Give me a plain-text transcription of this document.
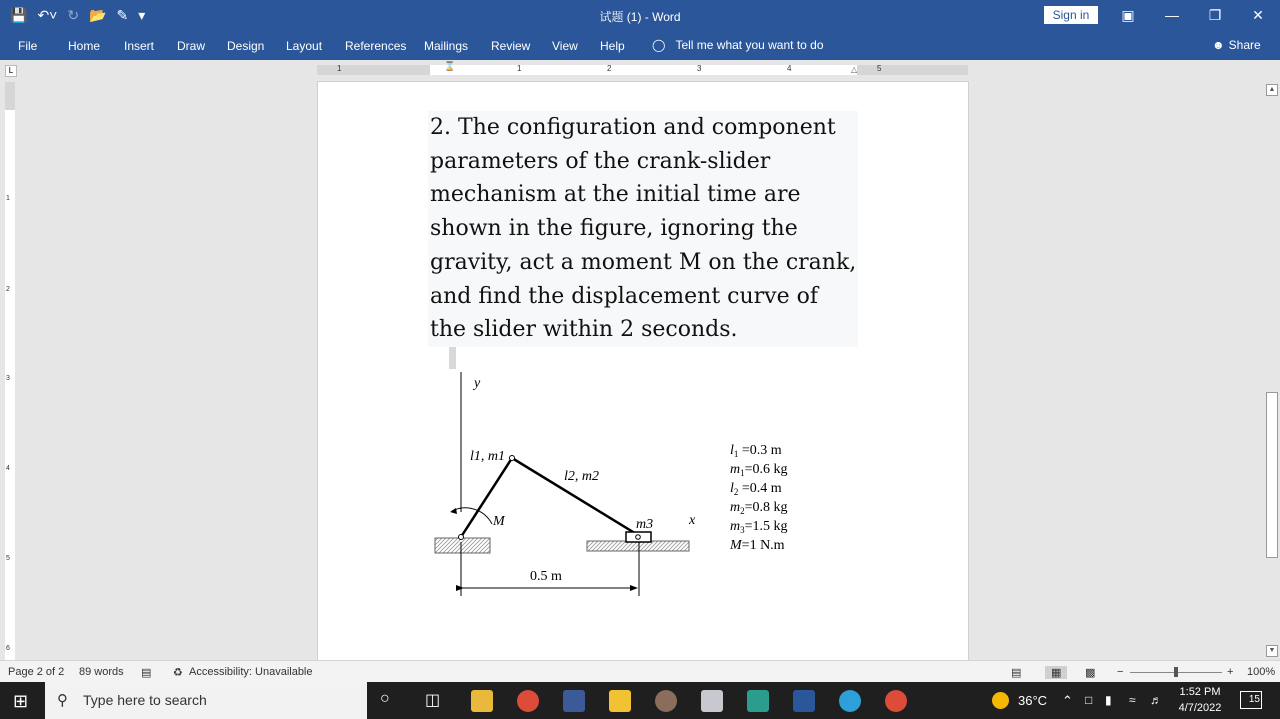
💾 ↶˅ ↻ 📂 ✎ ▾	试题 (1) - Word	Sign in	▣	—	❐	✕
File	Home Insert Draw Design Layout References Mailings Review View Help ◯ Tell me what you want to do	☻ Share
L	1	1	2	3	4	5
⌛	△
1
2
3
4
5
6
2. The configuration and component
parameters of the crank-slider
mechanism at the initial time are
shown in the figure, ignoring the
gravity, act a moment M on the crank,
and find the displacement curve of
the slider within 2 seconds.
y
x
l1, m1
l2, m2
M	m3
0.5 m
$l_1 =0.3$ m
$m_1=0.6$ kg
$l_2 =0.4$ m
$m_2=0.8$ kg
$m_3=1.5$ kg
M=1 N.m
▲
▼
Page 2 of 2 89 words ▤ ♻ Accessibility: Unavailable	▤	▦	▩ −	+ 100%
⊞ ⚲ Type here to search	○ ◫	36°C ⌃ □ ▮ ≈ ♬
1:52 PM
4/7/2022
15
